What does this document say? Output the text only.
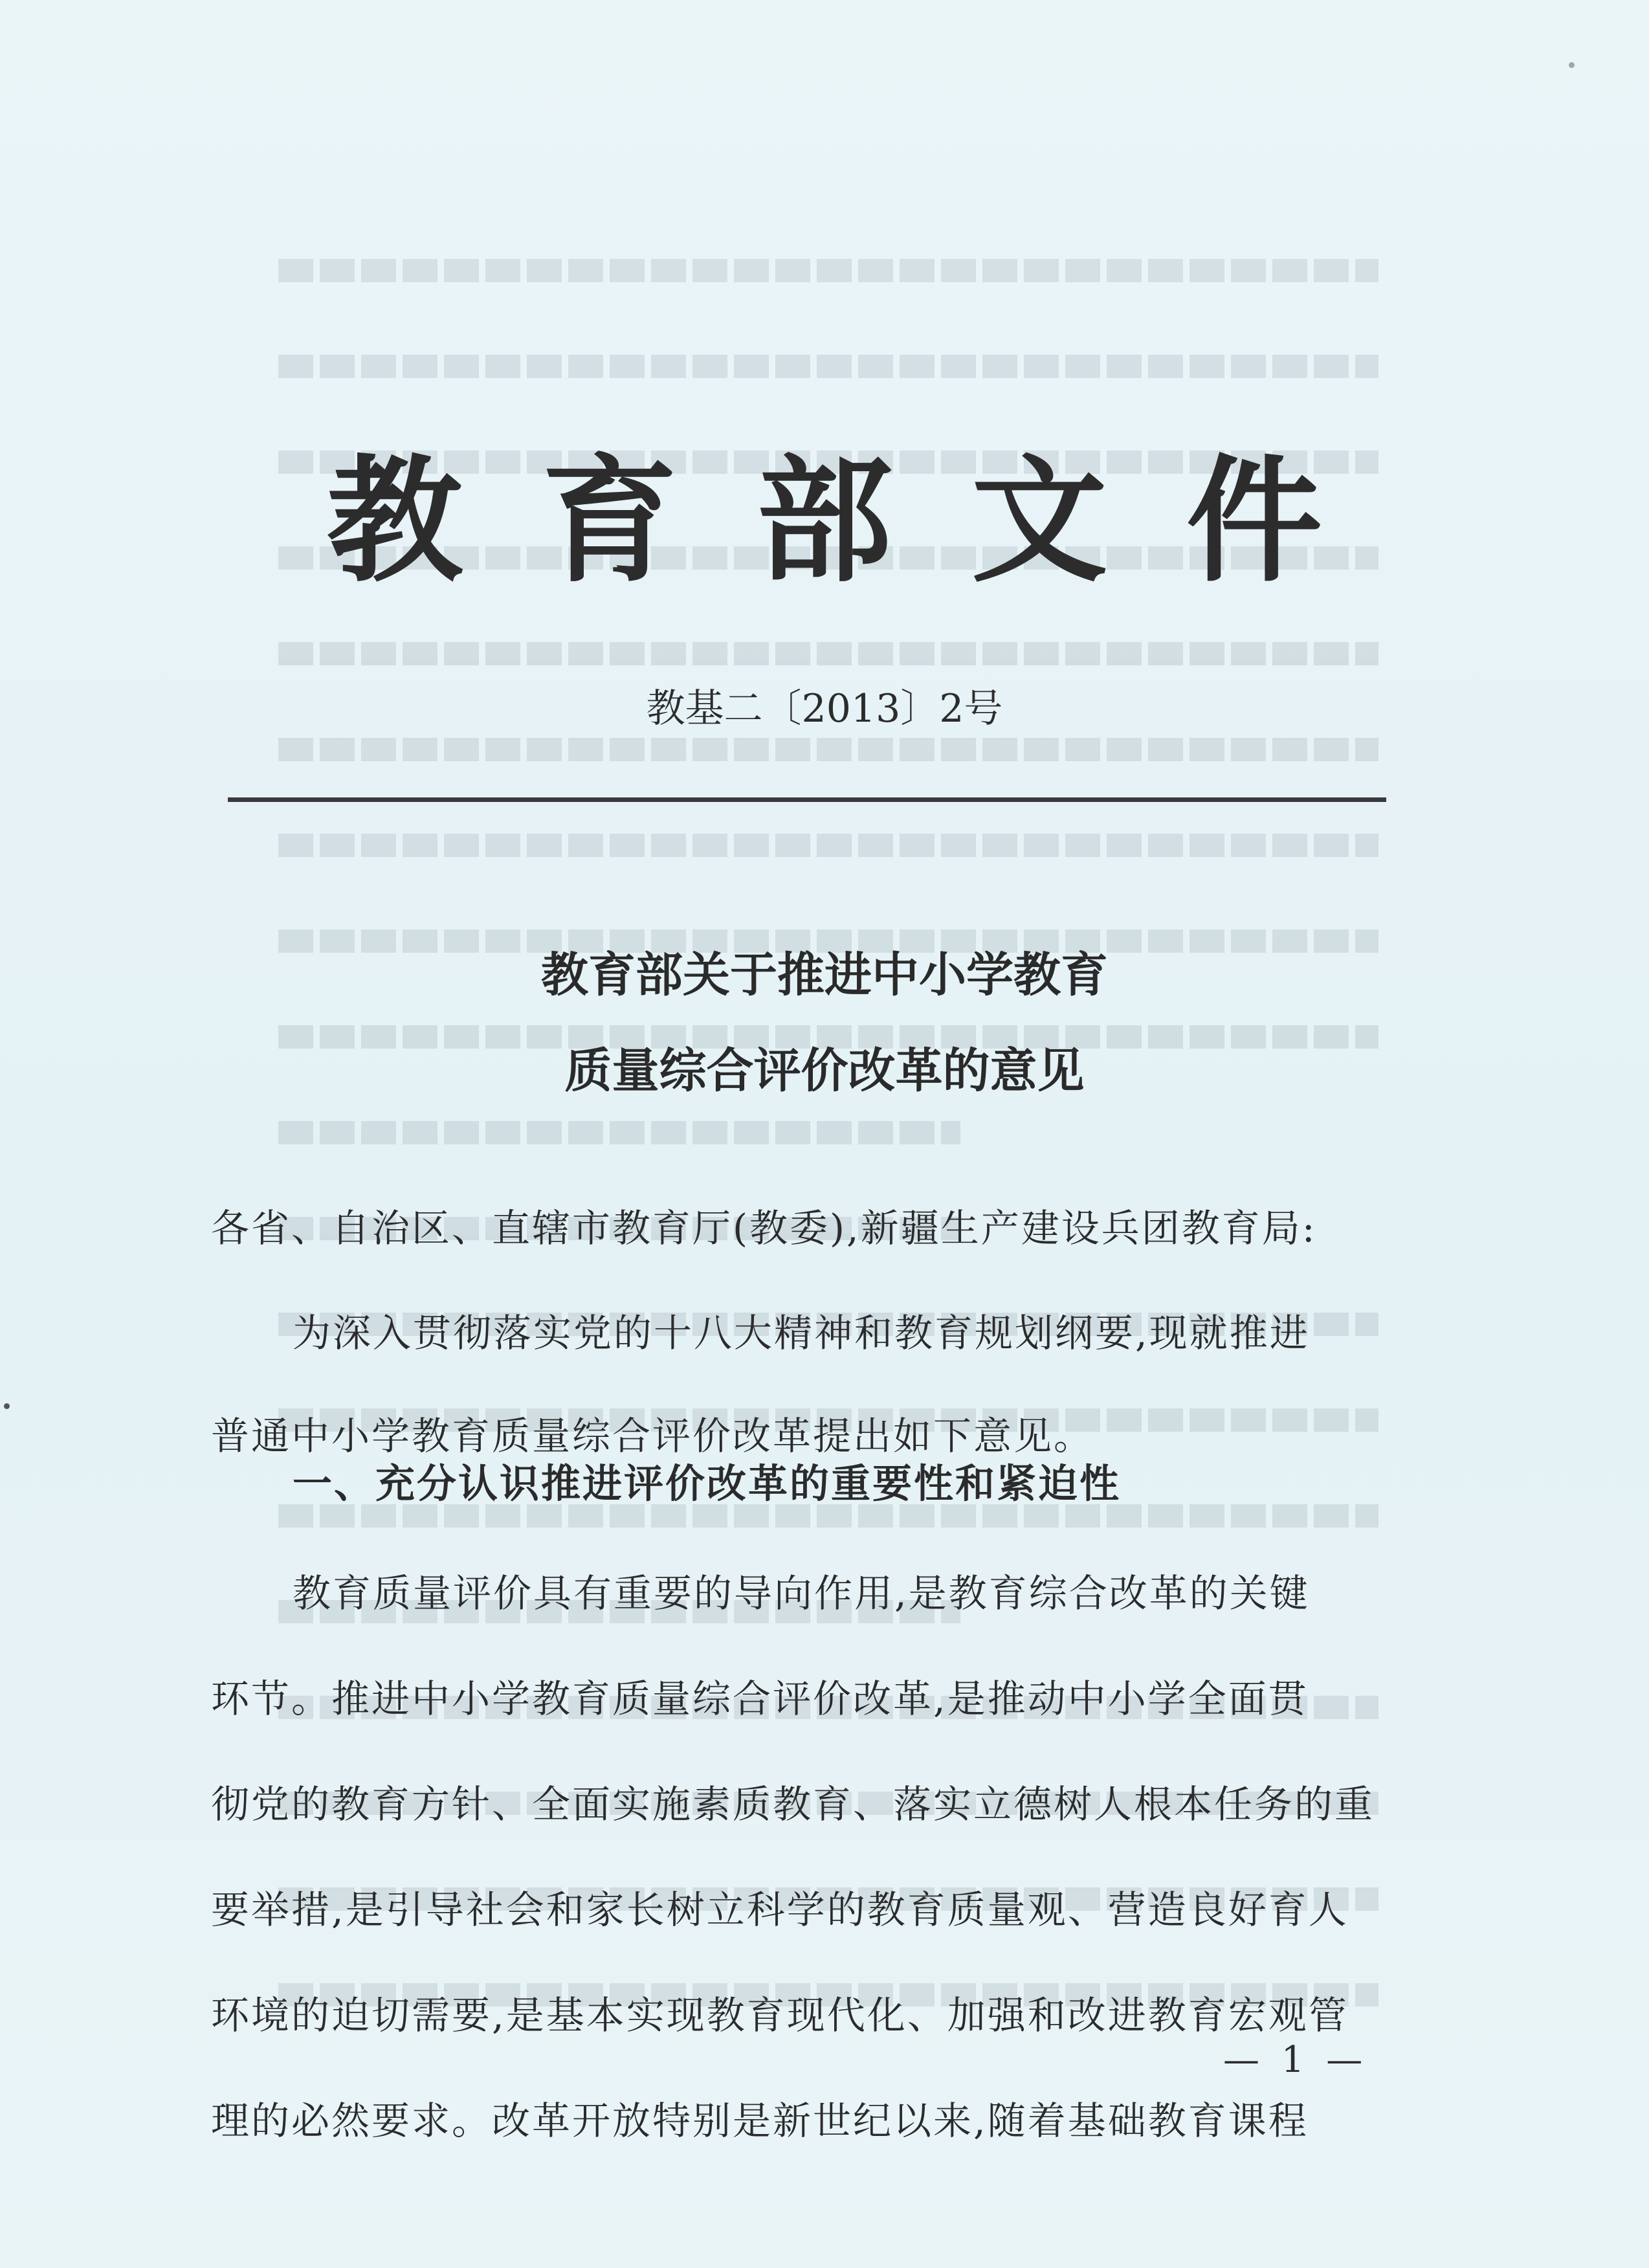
教育部文件
教基二〔2013〕2号
教育部关于推进中小学教育
质量综合评价改革的意见
各省、自治区、直辖市教育厅(教委),新疆生产建设兵团教育局:
为深入贯彻落实党的十八大精神和教育规划纲要,现就推进
普通中小学教育质量综合评价改革提出如下意见。
一、充分认识推进评价改革的重要性和紧迫性
教育质量评价具有重要的导向作用,是教育综合改革的关键
环节。推进中小学教育质量综合评价改革,是推动中小学全面贯
彻党的教育方针、全面实施素质教育、落实立德树人根本任务的重
要举措,是引导社会和家长树立科学的教育质量观、营造良好育人
环境的迫切需要,是基本实现教育现代化、加强和改进教育宏观管
理的必然要求。改革开放特别是新世纪以来,随着基础教育课程
— 1 —
